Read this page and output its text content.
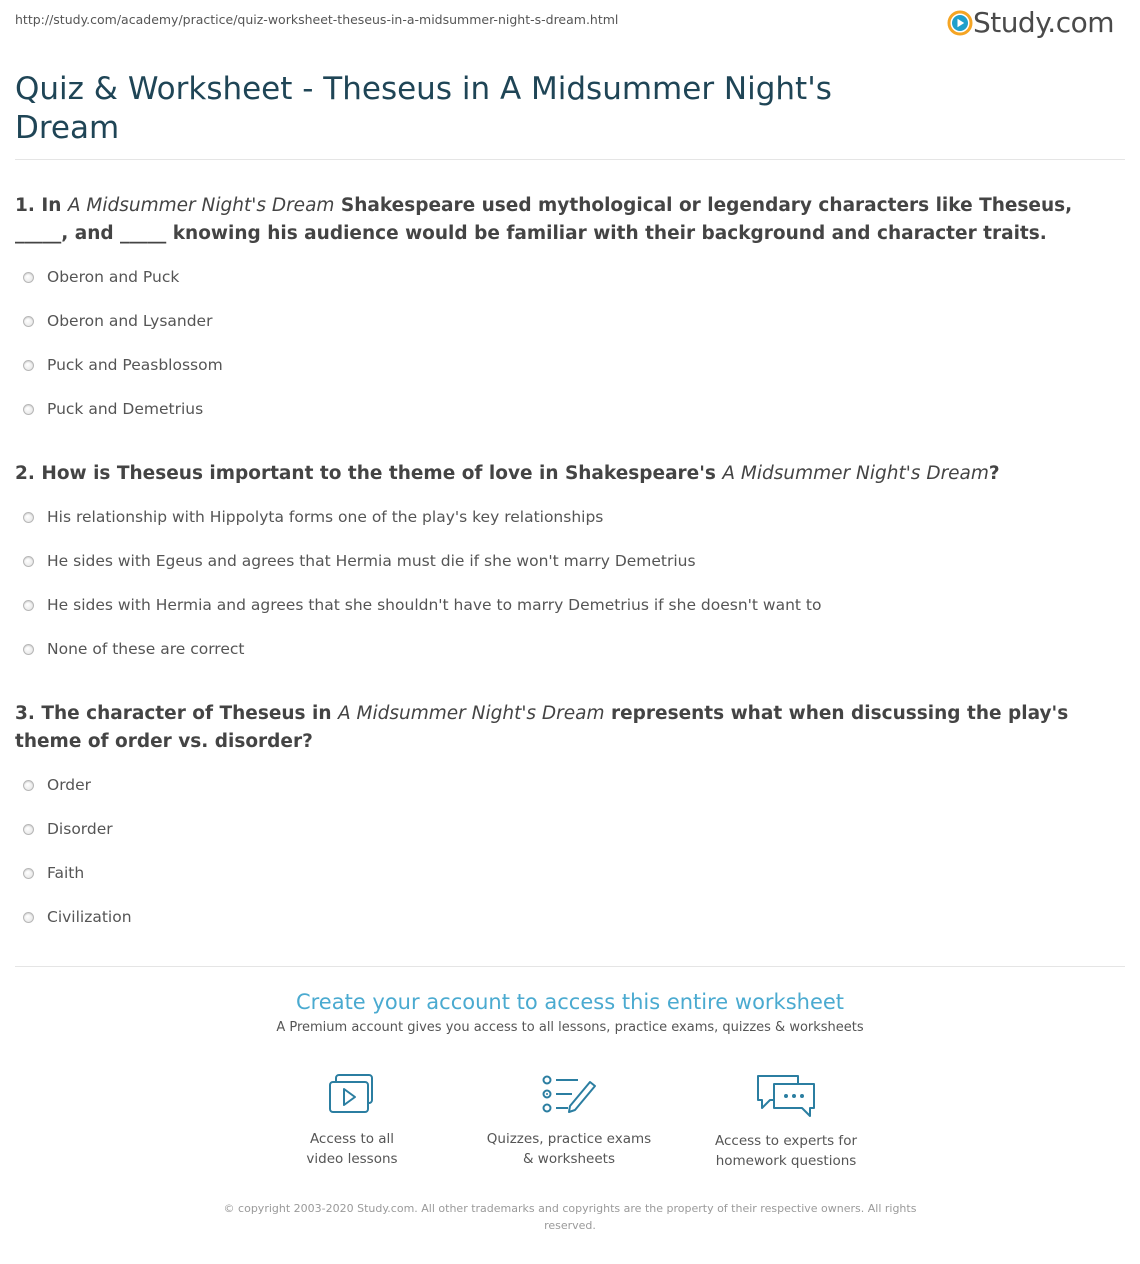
http://study.com/academy/practice/quiz-worksheet-theseus-in-a-midsummer-night-s-dream.html	Study.com
Quiz & Worksheet - Theseus in A Midsummer Night's Dream

1. In A Midsummer Night's Dream Shakespeare used mythological or legendary characters like Theseus, _____, and _____ knowing his audience would be familiar with their background and character traits.

Oberon and Puck
Oberon and Lysander
Puck and Peasblossom
Puck and Demetrius

2. How is Theseus important to the theme of love in Shakespeare's A Midsummer Night's Dream?

His relationship with Hippolyta forms one of the play's key relationships
He sides with Egeus and agrees that Hermia must die if she won't marry Demetrius
He sides with Hermia and agrees that she shouldn't have to marry Demetrius if she doesn't want to
None of these are correct

3. The character of Theseus in A Midsummer Night's Dream represents what when discussing the play's theme of order vs. disorder?

Order
Disorder
Faith
Civilization
Create your account to access this entire worksheet
A Premium account gives you access to all lessons, practice exams, quizzes & worksheets
Access to all
video lessons
Quizzes, practice exams
& worksheets
Access to experts for
homework questions
© copyright 2003-2020 Study.com. All other trademarks and copyrights are the property of their respective owners. All rights reserved.
